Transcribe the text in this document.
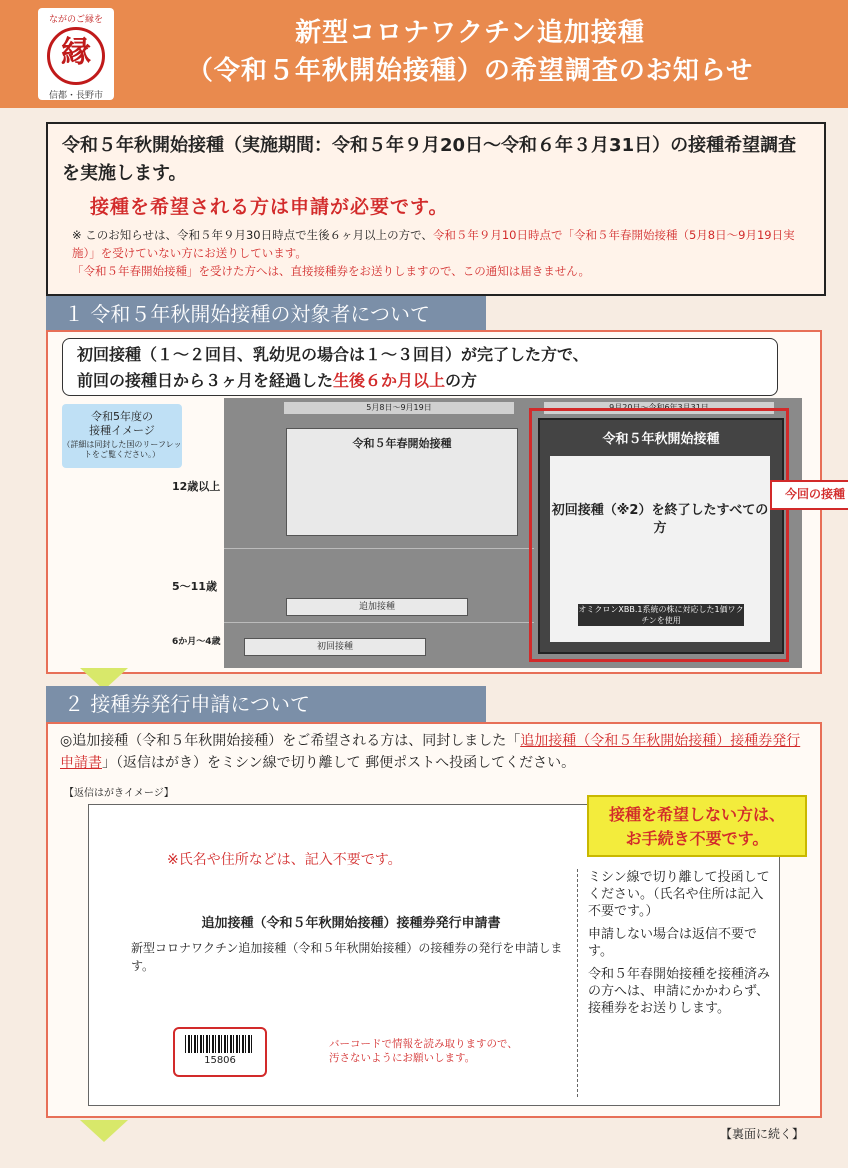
ながのご縁を
縁
信都・長野市
新型コロナワクチン追加接種
（令和５年秋開始接種）の希望調査のお知らせ
令和５年秋開始接種（実施期間：令和５年９月20日～令和６年３月31日）の接種希望調査を実施します。
接種を希望される方は申請が必要です。
※ このお知らせは、令和５年９月30日時点で生後６ヶ月以上の方で、令和５年９月10日時点で「令和５年春開始接種（5月8日～9月19日実施）」を受けていない方にお送りしています。
「令和５年春開始接種」を受けた方へは、直接接種券をお送りしますので、この通知は届きません。
１ 令和５年秋開始接種の対象者について
初回接種（１～２回目、乳幼児の場合は１～３回目）が完了した方で、
前回の接種日から３ヶ月を経過した生後６か月以上の方
令和5年度の
接種イメージ
（詳細は同封した国のリーフレットをご覧ください。）
5月8日～9月19日	9月20日～令和6年3月31日
12歳以上
5～11歳
6か月～4歳
令和５年春開始接種
追加接種
初回接種
令和５年秋開始接種
初回接種（※2）を終了したすべての方
オミクロンXBB.1系統の株に対応した1価ワクチンを使用
今回の接種
２ 接種券発行申請について
◎追加接種（令和５年秋開始接種）をご希望される方は、同封しました「追加接種（令和５年秋開始接種）接種券発行申請書」（返信はがき）をミシン線で切り離して 郵便ポストへ投函してください。
【返信はがきイメージ】
接種を希望しない方は、
お手続き不要です。
※氏名や住所などは、記入不要です。
追加接種（令和５年秋開始接種）接種券発行申請書
新型コロナワクチン追加接種（令和５年秋開始接種）の接種券の発行を申請します。
ミシン線で切り離して投函してください。（氏名や住所は記入不要です。）
申請しない場合は返信不要です。
令和５年春開始接種を接種済みの方へは、申請にかかわらず、接種券をお送りします。
15806
バーコードで情報を読み取りますので、
汚さないようにお願いします。
【裏面に続く】
